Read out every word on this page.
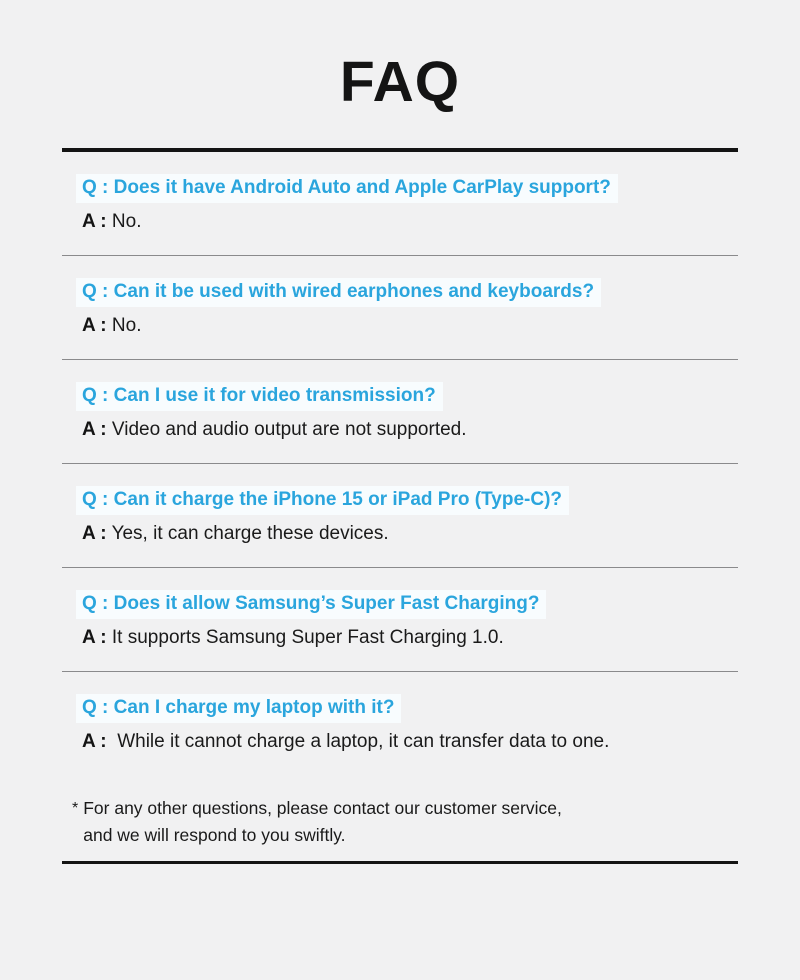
FAQ
Q : Does it have Android Auto and Apple CarPlay support?
A : No.
Q : Can it be used with wired earphones and keyboards?
A : No.
Q : Can I use it for video transmission?
A : Video and audio output are not supported.
Q : Can it charge the iPhone 15 or iPad Pro (Type-C)?
A : Yes, it can charge these devices.
Q : Does it allow Samsung’s Super Fast Charging?
A : It supports Samsung Super Fast Charging 1.0.
Q : Can I charge my laptop with it?
A : While it cannot charge a laptop, it can transfer data to one.
* For any other questions, please contact our customer service,
and we will respond to you swiftly.
